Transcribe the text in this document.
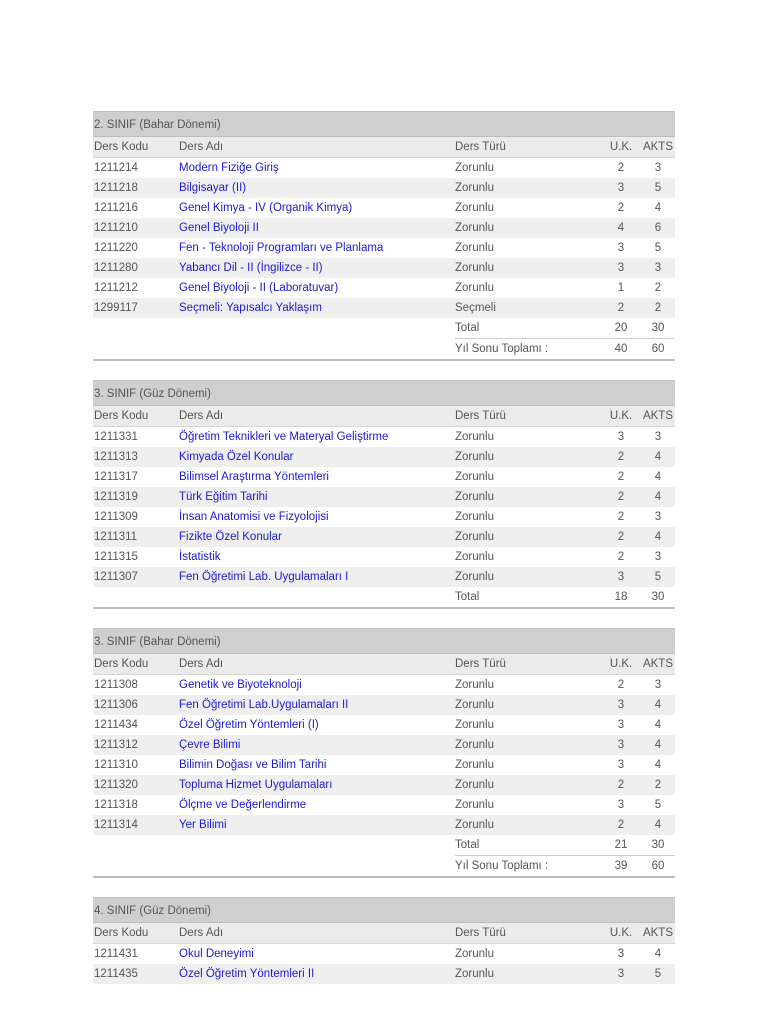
2. SINIF (Bahar Dönemi)
Ders Kodu	Ders Adı	Ders Türü	U.K.	AKTS
1211214	Modern Fiziğe Giriş	Zorunlu	2	3
1211218	Bilgisayar (II)	Zorunlu	3	5
1211216	Genel Kimya - IV (Organik Kimya)	Zorunlu	2	4
1211210	Genel Biyoloji II	Zorunlu	4	6
1211220	Fen - Teknoloji Programları ve Planlama	Zorunlu	3	5
1211280	Yabancı Dil - II (İngilizce - II)	Zorunlu	3	3
1211212	Genel Biyoloji - II (Laboratuvar)	Zorunlu	1	2
1299117	Seçmeli: Yapısalcı Yaklaşım	Seçmeli	2	2
		Total	20	30
		Yıl Sonu Toplamı :	40	60
3. SINIF (Güz Dönemi)
Ders Kodu	Ders Adı	Ders Türü	U.K.	AKTS
1211331	Öğretim Teknikleri ve Materyal Geliştirme	Zorunlu	3	3
1211313	Kimyada Özel Konular	Zorunlu	2	4
1211317	Bilimsel Araştırma Yöntemleri	Zorunlu	2	4
1211319	Türk Eğitim Tarihi	Zorunlu	2	4
1211309	İnsan Anatomisi ve Fizyolojisi	Zorunlu	2	3
1211311	Fizikte Özel Konular	Zorunlu	2	4
1211315	İstatistik	Zorunlu	2	3
1211307	Fen Öğretimi Lab. Uygulamaları I	Zorunlu	3	5
		Total	18	30
3. SINIF (Bahar Dönemi)
Ders Kodu	Ders Adı	Ders Türü	U.K.	AKTS
1211308	Genetik ve Biyoteknoloji	Zorunlu	2	3
1211306	Fen Öğretimi Lab.Uygulamaları II	Zorunlu	3	4
1211434	Özel Öğretim Yöntemleri (I)	Zorunlu	3	4
1211312	Çevre Bilimi	Zorunlu	3	4
1211310	Bilimin Doğası ve Bilim Tarihi	Zorunlu	3	4
1211320	Topluma Hizmet Uygulamaları	Zorunlu	2	2
1211318	Ölçme ve Değerlendirme	Zorunlu	3	5
1211314	Yer Bilimi	Zorunlu	2	4
		Total	21	30
		Yıl Sonu Toplamı :	39	60
4. SINIF (Güz Dönemi)
Ders Kodu	Ders Adı	Ders Türü	U.K.	AKTS
1211431	Okul Deneyimi	Zorunlu	3	4
1211435	Özel Öğretim Yöntemleri II	Zorunlu	3	5
